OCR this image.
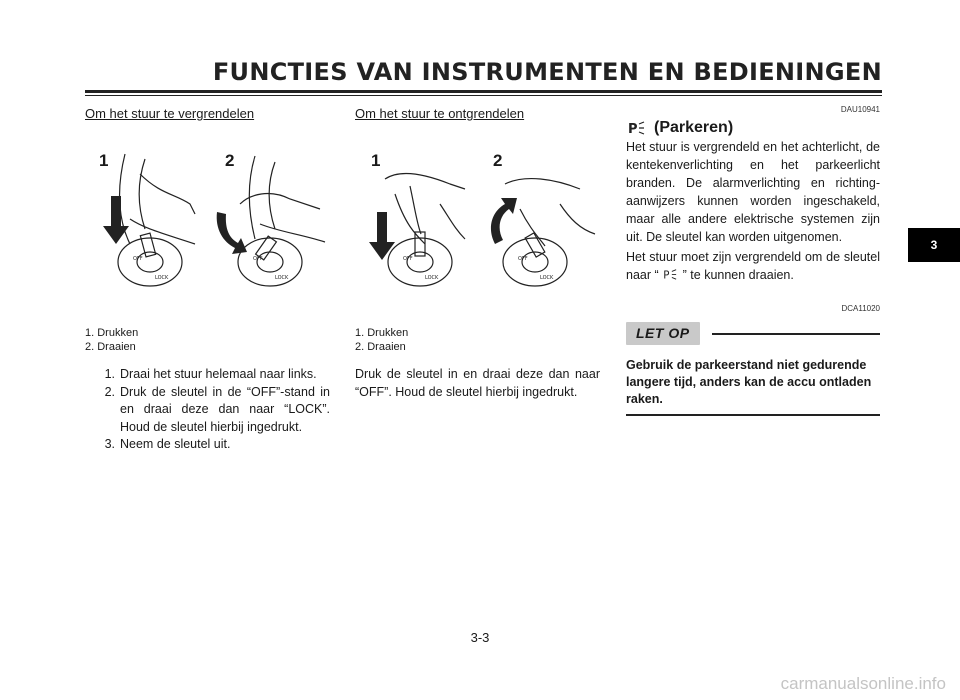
FUNCTIES VAN INSTRUMENTEN EN BEDIENINGEN
Om het stuur te vergrendelen
1	2
OFF
LOCK
OFF
LOCK
1. Drukken
2. Draaien
1. Draai het stuur helemaal naar links.
2. Druk de sleutel in de “OFF”-stand in en draai deze dan naar “LOCK”. Houd de sleutel hierbij ingedrukt.
3. Neem de sleutel uit.
Om het stuur te ontgrendelen
1	2
OFF
LOCK
OFF
LOCK
1. Drukken
2. Draaien
Druk de sleutel in en draai deze dan naar “OFF”. Houd de sleutel hierbij ingedrukt.
DAU10941
P (Parkeren)
Het stuur is vergrendeld en het achterlicht, de kentekenverlichting en het parkeerlicht branden. De alarmverlichting en richtingaanwijzers kunnen worden ingeschakeld, maar alle andere elektrische systemen zijn uit. De sleutel kan worden uitgenomen.
Het stuur moet zijn vergrendeld om de sleutel naar “ P ” te kunnen draaien.
DCA11020
LET OP
Gebruik de parkeerstand niet gedurende langere tijd, anders kan de accu ontladen raken.
3
3-3
carmanualsonline.info
